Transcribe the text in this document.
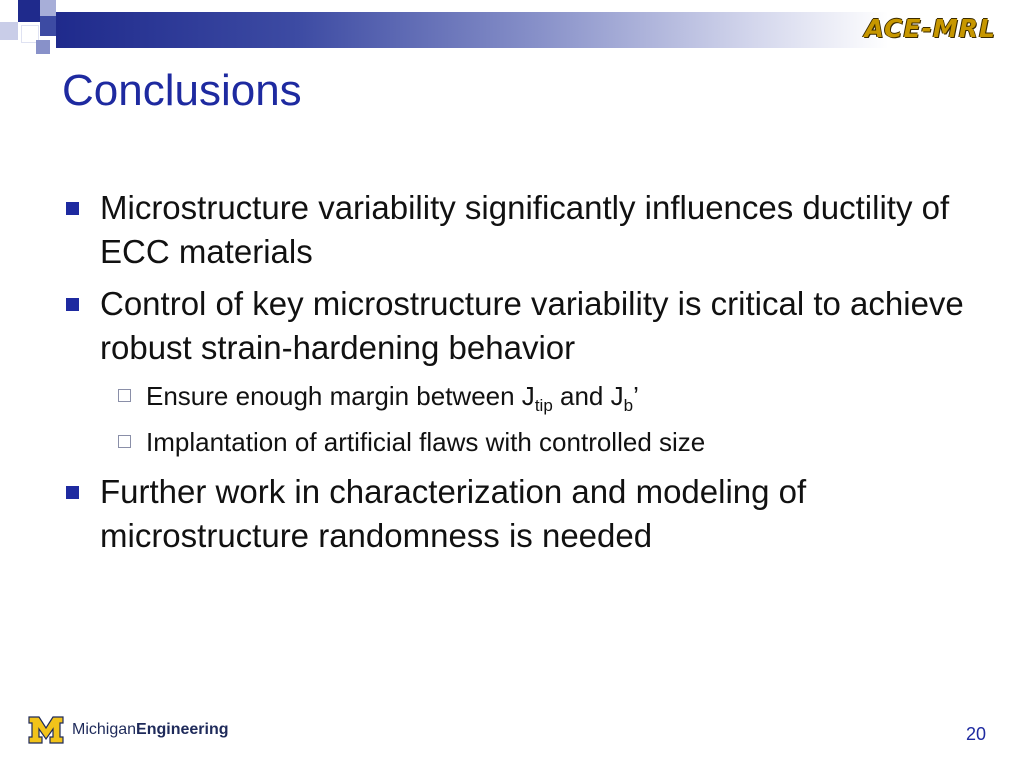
ACE-MRL
Conclusions
Microstructure variability significantly influences ductility of ECC materials
Control of key microstructure variability is critical to achieve robust strain-hardening behavior
Ensure enough margin between $J_{tip}$ and $J_b$’
Implantation of artificial flaws with controlled size
Further work in characterization and modeling of microstructure randomness is needed
MichiganEngineering	20
